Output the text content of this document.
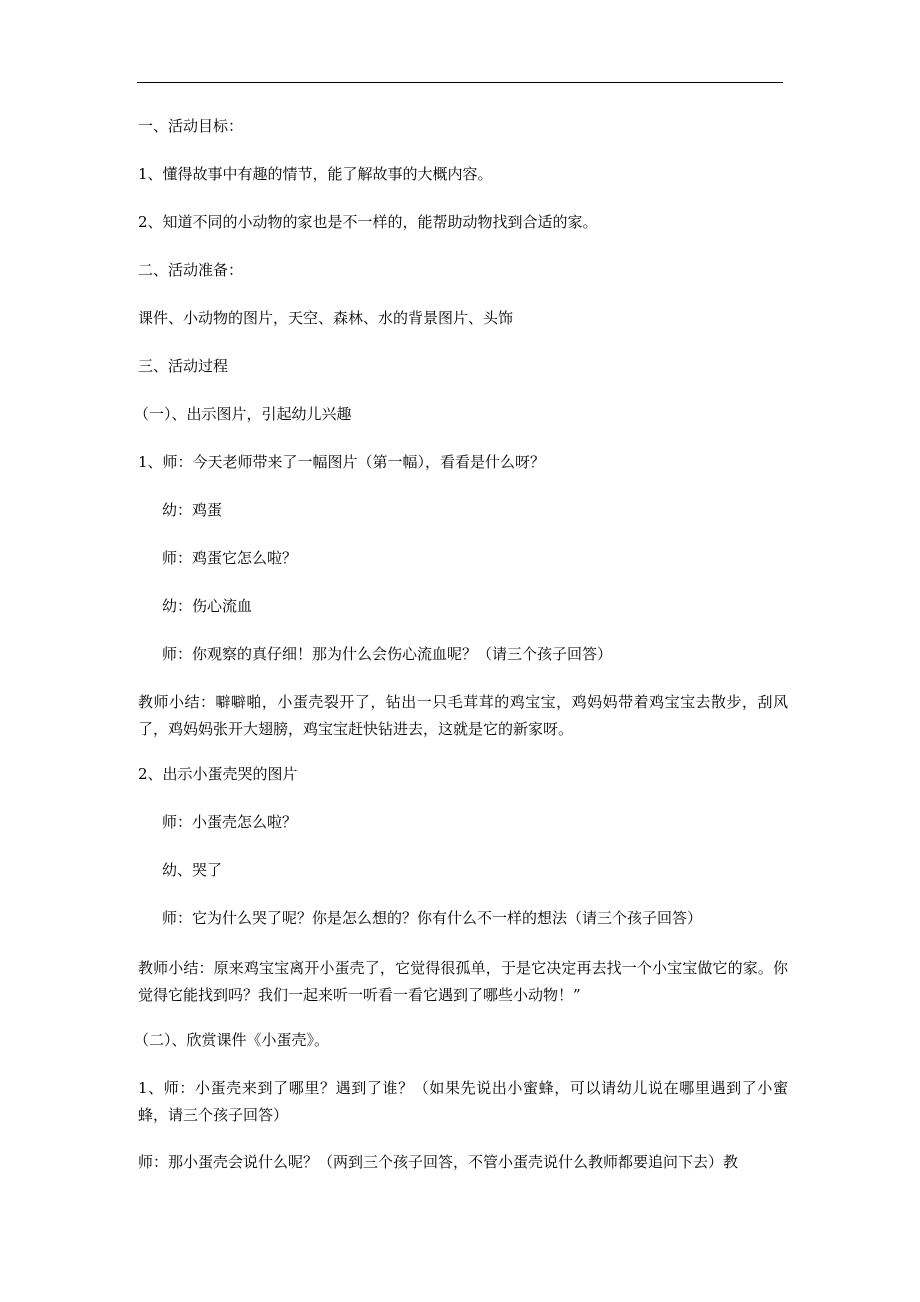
一、活动目标：
1、懂得故事中有趣的情节，能了解故事的大概内容。
2、知道不同的小动物的家也是不一样的，能帮助动物找到合适的家。
二、活动准备：
课件、小动物的图片，天空、森林、水的背景图片、头饰
三、活动过程
（一）、出示图片，引起幼儿兴趣
1、师：今天老师带来了一幅图片（第一幅），看看是什么呀？
幼：鸡蛋
师：鸡蛋它怎么啦？
幼：伤心流血
师：你观察的真仔细！那为什么会伤心流血呢？（请三个孩子回答）
教师小结：噼噼啪，小蛋壳裂开了，钻出一只毛茸茸的鸡宝宝，鸡妈妈带着鸡宝宝去散步，刮风了，鸡妈妈张开大翅膀，鸡宝宝赶快钻进去，这就是它的新家呀。
2、出示小蛋壳哭的图片
师：小蛋壳怎么啦？
幼、哭了
师：它为什么哭了呢？你是怎么想的？你有什么不一样的想法（请三个孩子回答）
教师小结：原来鸡宝宝离开小蛋壳了，它觉得很孤单，于是它决定再去找一个小宝宝做它的家。你觉得它能找到吗？我们一起来听一听看一看它遇到了哪些小动物！”
（二）、欣赏课件《小蛋壳》。
1、师：小蛋壳来到了哪里？遇到了谁？（如果先说出小蜜蜂，可以请幼儿说在哪里遇到了小蜜蜂，请三个孩子回答）
师：那小蛋壳会说什么呢？（两到三个孩子回答，不管小蛋壳说什么教师都要追问下去）教
